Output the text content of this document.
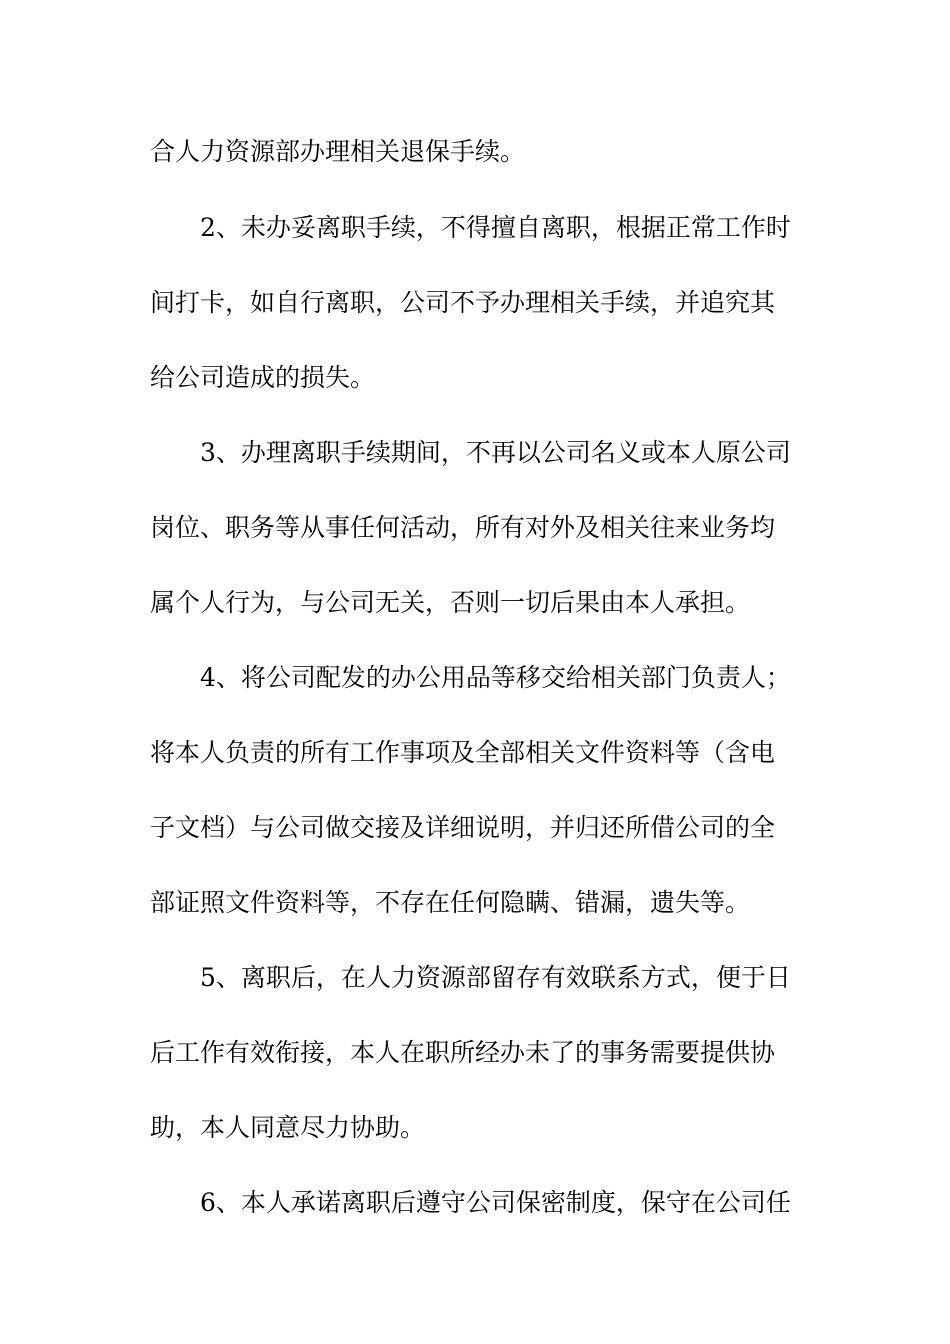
合人力资源部办理相关退保手续。
2、未办妥离职手续，不得擅自离职，根据正常工作时
间打卡，如自行离职，公司不予办理相关手续，并追究其
给公司造成的损失。
3、办理离职手续期间，不再以公司名义或本人原公司
岗位、职务等从事任何活动，所有对外及相关往来业务均
属个人行为，与公司无关，否则一切后果由本人承担。
4、将公司配发的办公用品等移交给相关部门负责人；
将本人负责的所有工作事项及全部相关文件资料等（含电
子文档）与公司做交接及详细说明，并归还所借公司的全
部证照文件资料等，不存在任何隐瞒、错漏，遗失等。
5、离职后，在人力资源部留存有效联系方式，便于日
后工作有效衔接，本人在职所经办未了的事务需要提供协
助，本人同意尽力协助。
6、本人承诺离职后遵守公司保密制度，保守在公司任
